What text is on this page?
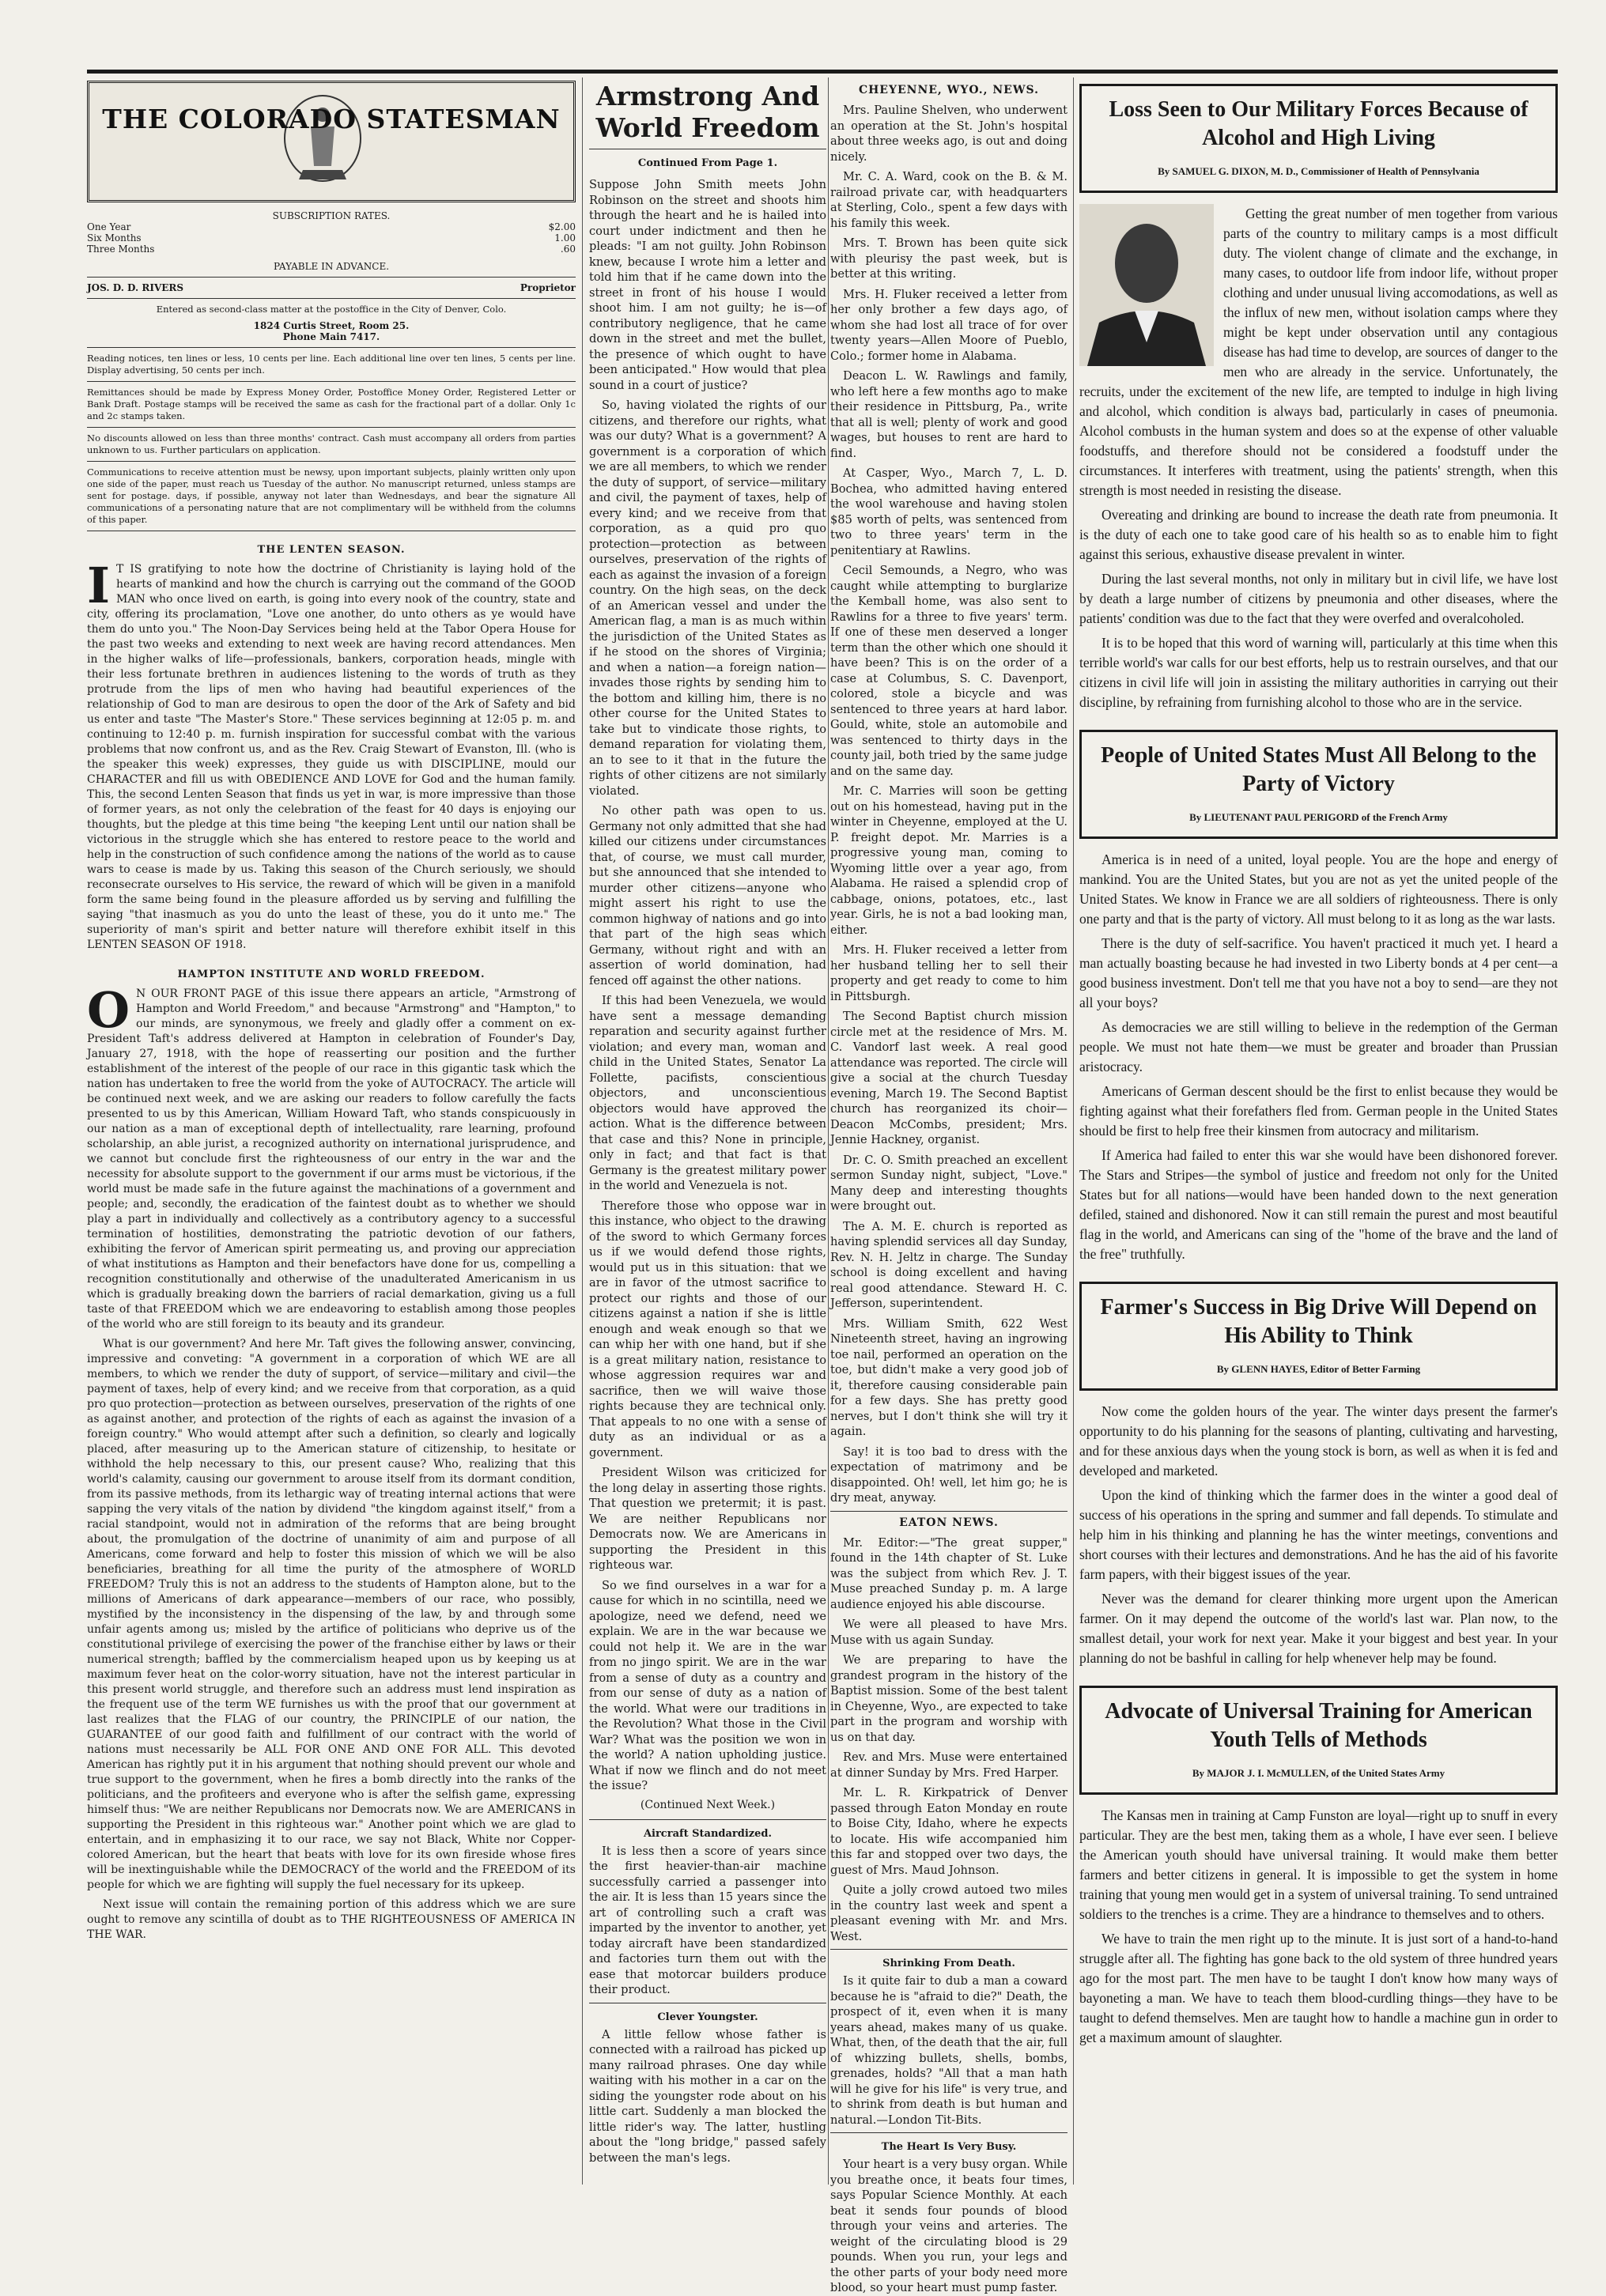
THE COLORADO STATESMAN
SUBSCRIPTION RATES.
One Year	$2.00
Six Months	1.00
Three Months	.60
PAYABLE IN ADVANCE.
JOS. D. D. RIVERS	Proprietor

Entered as second-class matter at the postoffice in the City of Denver, Colo.

1824 Curtis Street, Room 25.
Phone Main 7417.

Reading notices, ten lines or less, 10 cents per line. Each additional line over ten lines, 5 cents per line. Display advertising, 50 cents per inch.

Remittances should be made by Express Money Order, Postoffice Money Order, Registered Letter or Bank Draft. Postage stamps will be received the same as cash for the fractional part of a dollar. Only 1c and 2c stamps taken.

No discounts allowed on less than three months' contract. Cash must accompany all orders from parties unknown to us. Further particulars on application.

Communications to receive attention must be newsy, upon important subjects, plainly written only upon one side of the paper, must reach us Tuesday of the author. No manuscript returned, unless stamps are sent for postage. days, if possible, anyway not later than Wednesdays, and bear the signature All communications of a personating nature that are not complimentary will be withheld from the columns of this paper.

THE LENTEN SEASON.

I T IS gratifying to note how the doctrine of Christianity is laying hold of the hearts of mankind and how the church is carrying out the command of the GOOD MAN who once lived on earth, is going into every nook of the country, state and city, offering its proclamation, "Love one another, do unto others as ye would have them do unto you." The Noon-Day Services being held at the Tabor Opera House for the past two weeks and extending to next week are having record attendances. Men in the higher walks of life—professionals, bankers, corporation heads, mingle with their less fortunate brethren in audiences listening to the words of truth as they protrude from the lips of men who having had beautiful experiences of the relationship of God to man are desirous to open the door of the Ark of Safety and bid us enter and taste "The Master's Store." These services beginning at 12:05 p. m. and continuing to 12:40 p. m. furnish inspiration for successful combat with the various problems that now confront us, and as the Rev. Craig Stewart of Evanston, Ill. (who is the speaker this week) expresses, they guide us with DISCIPLINE, mould our CHARACTER and fill us with OBEDIENCE AND LOVE for God and the human family. This, the second Lenten Season that finds us yet in war, is more impressive than those of former years, as not only the celebration of the feast for 40 days is enjoying our thoughts, but the pledge at this time being "the keeping Lent until our nation shall be victorious in the struggle which she has entered to restore peace to the world and help in the construction of such confidence among the nations of the world as to cause wars to cease is made by us. Taking this season of the Church seriously, we should reconsecrate ourselves to His service, the reward of which will be given in a manifold form the same being found in the pleasure afforded us by serving and fulfilling the saying "that inasmuch as you do unto the least of these, you do it unto me." The superiority of man's spirit and better nature will therefore exhibit itself in this LENTEN SEASON OF 1918.

HAMPTON INSTITUTE AND WORLD FREEDOM.

O N OUR FRONT PAGE of this issue there appears an article, "Armstrong of Hampton and World Freedom," and because "Armstrong" and "Hampton," to our minds, are synonymous, we freely and gladly offer a comment on ex-President Taft's address delivered at Hampton in celebration of Founder's Day, January 27, 1918, with the hope of reasserting our position and the further establishment of the interest of the people of our race in this gigantic task which the nation has undertaken to free the world from the yoke of AUTOCRACY. The article will be continued next week, and we are asking our readers to follow carefully the facts presented to us by this American, William Howard Taft, who stands conspicuously in our nation as a man of exceptional depth of intellectuality, rare learning, profound scholarship, an able jurist, a recognized authority on international jurisprudence, and we cannot but conclude first the righteousness of our entry in the war and the necessity for absolute support to the government if our arms must be victorious, if the world must be made safe in the future against the machinations of a government and people; and, secondly, the eradication of the faintest doubt as to whether we should play a part in individually and collectively as a contributory agency to a successful termination of hostilities, demonstrating the patriotic devotion of our fathers, exhibiting the fervor of American spirit permeating us, and proving our appreciation of what institutions as Hampton and their benefactors have done for us, compelling a recognition constitutionally and otherwise of the unadulterated Americanism in us which is gradually breaking down the barriers of racial demarkation, giving us a full taste of that FREEDOM which we are endeavoring to establish among those peoples of the world who are still foreign to its beauty and its grandeur.

What is our government? And here Mr. Taft gives the following answer, convincing, impressive and conveting: "A government in a corporation of which WE are all members, to which we render the duty of support, of service—military and civil—the payment of taxes, help of every kind; and we receive from that corporation, as a quid pro quo protection—protection as between ourselves, preservation of the rights of one as against another, and protection of the rights of each as against the invasion of a foreign country." Who would attempt after such a definition, so clearly and logically placed, after measuring up to the American stature of citizenship, to hesitate or withhold the help necessary to this, our present cause? Who, realizing that this world's calamity, causing our government to arouse itself from its dormant condition, from its passive methods, from its lethargic way of treating internal actions that were sapping the very vitals of the nation by dividend "the kingdom against itself," from a racial standpoint, would not in admiration of the reforms that are being brought about, the promulgation of the doctrine of unanimity of aim and purpose of all Americans, come forward and help to foster this mission of which we will be also beneficiaries, breathing for all time the purity of the atmosphere of WORLD FREEDOM? Truly this is not an address to the students of Hampton alone, but to the millions of Americans of dark appearance—members of our race, who possibly, mystified by the inconsistency in the dispensing of the law, by and through some unfair agents among us; misled by the artifice of politicians who deprive us of the constitutional privilege of exercising the power of the franchise either by laws or their numerical strength; baffled by the commercialism heaped upon us by keeping us at maximum fever heat on the color-worry situation, have not the interest particular in this present world struggle, and therefore such an address must lend inspiration as the frequent use of the term WE furnishes us with the proof that our government at last realizes that the FLAG of our country, the PRINCIPLE of our nation, the GUARANTEE of our good faith and fulfillment of our contract with the world of nations must necessarily be ALL FOR ONE AND ONE FOR ALL. This devoted American has rightly put it in his argument that nothing should prevent our whole and true support to the government, when he fires a bomb directly into the ranks of the politicians, and the profiteers and everyone who is after the selfish game, expressing himself thus: "We are neither Republicans nor Democrats now. We are AMERICANS in supporting the President in this righteous war." Another point which we are glad to entertain, and in emphasizing it to our race, we say not Black, White nor Copper-colored American, but the heart that beats with love for its own fireside whose fires will be inextinguishable while the DEMOCRACY of the world and the FREEDOM of its people for which we are fighting will supply the fuel necessary for its upkeep.

Next issue will contain the remaining portion of this address which we are sure ought to remove any scintilla of doubt as to THE RIGHTEOUSNESS OF AMERICA IN THE WAR.

Armstrong And World Freedom
Continued From Page 1.

Suppose John Smith meets John Robinson on the street and shoots him through the heart and he is hailed into court under indictment and then he pleads: "I am not guilty. John Robinson knew, because I wrote him a letter and told him that if he came down into the street in front of his house I would shoot him. I am not guilty; he is—of contributory negligence, that he came down in the street and met the bullet, the presence of which ought to have been anticipated." How would that plea sound in a court of justice?

So, having violated the rights of our citizens, and therefore our rights, what was our duty? What is a government? A government is a corporation of which we are all members, to which we render the duty of support, of service—military and civil, the payment of taxes, help of every kind; and we receive from that corporation, as a quid pro quo protection—protection as between ourselves, preservation of the rights of each as against the invasion of a foreign country. On the high seas, on the deck of an American vessel and under the American flag, a man is as much within the jurisdiction of the United States as if he stood on the shores of Virginia; and when a nation—a foreign nation—invades those rights by sending him to the bottom and killing him, there is no other course for the United States to take but to vindicate those rights, to demand reparation for violating them, an to see to it that in the future the rights of other citizens are not similarly violated.

No other path was open to us. Germany not only admitted that she had killed our citizens under circumstances that, of course, we must call murder, but she announced that she intended to murder other citizens—anyone who might assert his right to use the common highway of nations and go into that part of the high seas which Germany, without right and with an assertion of world domination, had fenced off against the other nations.

If this had been Venezuela, we would have sent a message demanding reparation and security against further violation; and every man, woman and child in the United States, Senator La Follette, pacifists, conscientious objectors, and unconscientious objectors would have approved the action. What is the difference between that case and this? None in principle, only in fact; and that fact is that Germany is the greatest military power in the world and Venezuela is not.

Therefore those who oppose war in this instance, who object to the drawing of the sword to which Germany forces us if we would defend those rights, would put us in this situation: that we are in favor of the utmost sacrifice to protect our rights and those of our citizens against a nation if she is little enough and weak enough so that we can whip her with one hand, but if she is a great military nation, resistance to whose aggression requires war and sacrifice, then we will waive those rights because they are technical only. That appeals to no one with a sense of duty as an individual or as a government.

President Wilson was criticized for the long delay in asserting those rights. That question we pretermit; it is past. We are neither Republicans nor Democrats now. We are Americans in supporting the President in this righteous war.

So we find ourselves in a war for a cause for which in no scintilla, need we apologize, need we defend, need we explain. We are in the war because we could not help it. We are in the war from no jingo spirit. We are in the war from a sense of duty as a country and from our sense of duty as a nation of the world. What were our traditions in the Revolution? What those in the Civil War? What was the position we won in the world? A nation upholding justice. What if now we flinch and do not meet the issue?

(Continued Next Week.)
Aircraft Standardized.

It is less then a score of years since the first heavier-than-air machine successfully carried a passenger into the air. It is less than 15 years since the art of controlling such a craft was imparted by the inventor to another, yet today aircraft have been standardized and factories turn them out with the ease that motorcar builders produce their product.

Clever Youngster.

A little fellow whose father is connected with a railroad has picked up many railroad phrases. One day while waiting with his mother in a car on the siding the youngster rode about on his little cart. Suddenly a man blocked the little rider's way. The latter, hustling about the "long bridge," passed safely between the man's legs.

CHEYENNE, WYO., NEWS.

Mrs. Pauline Shelven, who underwent an operation at the St. John's hospital about three weeks ago, is out and doing nicely.

Mr. C. A. Ward, cook on the B. & M. railroad private car, with headquarters at Sterling, Colo., spent a few days with his family this week.

Mrs. T. Brown has been quite sick with pleurisy the past week, but is better at this writing.

Mrs. H. Fluker received a letter from her only brother a few days ago, of whom she had lost all trace of for over twenty years—Allen Moore of Pueblo, Colo.; former home in Alabama.

Deacon L. W. Rawlings and family, who left here a few months ago to make their residence in Pittsburg, Pa., write that all is well; plenty of work and good wages, but houses to rent are hard to find.

At Casper, Wyo., March 7, L. D. Bochea, who admitted having entered the wool warehouse and having stolen $85 worth of pelts, was sentenced from two to three years' term in the penitentiary at Rawlins.

Cecil Semounds, a Negro, who was caught while attempting to burglarize the Kemball home, was also sent to Rawlins for a three to five years' term. If one of these men deserved a longer term than the other which one should it have been? This is on the order of a case at Columbus, S. C. Davenport, colored, stole a bicycle and was sentenced to three years at hard labor. Gould, white, stole an automobile and was sentenced to thirty days in the county jail, both tried by the same judge and on the same day.

Mr. C. Marries will soon be getting out on his homestead, having put in the winter in Cheyenne, employed at the U. P. freight depot. Mr. Marries is a progressive young man, coming to Wyoming little over a year ago, from Alabama. He raised a splendid crop of cabbage, onions, potatoes, etc., last year. Girls, he is not a bad looking man, either.

Mrs. H. Fluker received a letter from her husband telling her to sell their property and get ready to come to him in Pittsburgh.

The Second Baptist church mission circle met at the residence of Mrs. M. C. Vandorf last week. A real good attendance was reported. The circle will give a social at the church Tuesday evening, March 19. The Second Baptist church has reorganized its choir—Deacon McCombs, president; Mrs. Jennie Hackney, organist.

Dr. C. O. Smith preached an excellent sermon Sunday night, subject, "Love." Many deep and interesting thoughts were brought out.

The A. M. E. church is reported as having splendid services all day Sunday, Rev. N. H. Jeltz in charge. The Sunday school is doing excellent and having real good attendance. Steward H. C. Jefferson, superintendent.

Mrs. William Smith, 622 West Nineteenth street, having an ingrowing toe nail, performed an operation on the toe, but didn't make a very good job of it, therefore causing considerable pain for a few days. She has pretty good nerves, but I don't think she will try it again.

Say! it is too bad to dress with the expectation of matrimony and be disappointed. Oh! well, let him go; he is dry meat, anyway.

EATON NEWS.

Mr. Editor:—"The great supper," found in the 14th chapter of St. Luke was the subject from which Rev. J. T. Muse preached Sunday p. m. A large audience enjoyed his able discourse.

We were all pleased to have Mrs. Muse with us again Sunday.

We are preparing to have the grandest program in the history of the Baptist mission. Some of the best talent in Cheyenne, Wyo., are expected to take part in the program and worship with us on that day.

Rev. and Mrs. Muse were entertained at dinner Sunday by Mrs. Fred Harper.

Mr. L. R. Kirkpatrick of Denver passed through Eaton Monday en route to Boise City, Idaho, where he expects to locate. His wife accompanied him this far and stopped over two days, the guest of Mrs. Maud Johnson.

Quite a jolly crowd autoed two miles in the country last week and spent a pleasant evening with Mr. and Mrs. West.

Shrinking From Death.

Is it quite fair to dub a man a coward because he is "afraid to die?" Death, the prospect of it, even when it is many years ahead, makes many of us quake. What, then, of the death that the air, full of whizzing bullets, shells, bombs, grenades, holds? "All that a man hath will he give for his life" is very true, and to shrink from death is but human and natural.—London Tit-Bits.

The Heart Is Very Busy.

Your heart is a very busy organ. While you breathe once, it beats four times, says Popular Science Monthly. At each beat it sends four pounds of blood through your veins and arteries. The weight of the circulating blood is 29 pounds. When you run, your legs and the other parts of your body need more blood, so your heart must pump faster.

Loss Seen to Our Military Forces Because of Alcohol and High Living
By SAMUEL G. DIXON, M. D., Commissioner of Health of Pennsylvania

Getting the great number of men together from various parts of the country to military camps is a most difficult duty. The violent change of climate and the exchange, in many cases, to outdoor life from indoor life, without proper clothing and under unusual living accomodations, as well as the influx of new men, without isolation camps where they might be kept under observation until any contagious disease has had time to develop, are sources of danger to the men who are already in the service. Unfortunately, the recruits, under the excitement of the new life, are tempted to indulge in high living and alcohol, which condition is always bad, particularly in cases of pneumonia. Alcohol combusts in the human system and does so at the expense of other valuable foodstuffs, and therefore should not be considered a foodstuff under the circumstances. It interferes with treatment, using the patients' strength, when this strength is most needed in resisting the disease.

Overeating and drinking are bound to increase the death rate from pneumonia. It is the duty of each one to take good care of his health so as to enable him to fight against this serious, exhaustive disease prevalent in winter.

During the last several months, not only in military but in civil life, we have lost by death a large number of citizens by pneumonia and other diseases, where the patients' condition was due to the fact that they were overfed and overalcoholed.

It is to be hoped that this word of warning will, particularly at this time when this terrible world's war calls for our best efforts, help us to restrain ourselves, and that our citizens in civil life will join in assisting the military authorities in carrying out their discipline, by refraining from furnishing alcohol to those who are in the service.

People of United States Must All Belong to the Party of Victory
By LIEUTENANT PAUL PERIGORD of the French Army

America is in need of a united, loyal people. You are the hope and energy of mankind. You are the United States, but you are not as yet the united people of the United States. We know in France we are all soldiers of righteousness. There is only one party and that is the party of victory. All must belong to it as long as the war lasts.

There is the duty of self-sacrifice. You haven't practiced it much yet. I heard a man actually boasting because he had invested in two Liberty bonds at 4 per cent—a good business investment. Don't tell me that you have not a boy to send—are they not all your boys?

As democracies we are still willing to believe in the redemption of the German people. We must not hate them—we must be greater and broader than Prussian aristocracy.

Americans of German descent should be the first to enlist because they would be fighting against what their forefathers fled from. German people in the United States should be first to help free their kinsmen from autocracy and militarism.

If America had failed to enter this war she would have been dishonored forever. The Stars and Stripes—the symbol of justice and freedom not only for the United States but for all nations—would have been handed down to the next generation defiled, stained and dishonored. Now it can still remain the purest and most beautiful flag in the world, and Americans can sing of the "home of the brave and the land of the free" truthfully.

Farmer's Success in Big Drive Will Depend on His Ability to Think
By GLENN HAYES, Editor of Better Farming

Now come the golden hours of the year. The winter days present the farmer's opportunity to do his planning for the seasons of planting, cultivating and harvesting, and for these anxious days when the young stock is born, as well as when it is fed and developed and marketed.

Upon the kind of thinking which the farmer does in the winter a good deal of success of his operations in the spring and summer and fall depends. To stimulate and help him in his thinking and planning he has the winter meetings, conventions and short courses with their lectures and demonstrations. And he has the aid of his favorite farm papers, with their biggest issues of the year.

Never was the demand for clearer thinking more urgent upon the American farmer. On it may depend the outcome of the world's last war. Plan now, to the smallest detail, your work for next year. Make it your biggest and best year. In your planning do not be bashful in calling for help whenever help may be found.

Advocate of Universal Training for American Youth Tells of Methods
By MAJOR J. I. McMULLEN, of the United States Army

The Kansas men in training at Camp Funston are loyal—right up to snuff in every particular. They are the best men, taking them as a whole, I have ever seen. I believe the American youth should have universal training. It would make them better farmers and better citizens in general. It is impossible to get the system in home training that young men would get in a system of universal training. To send untrained soldiers to the trenches is a crime. They are a hindrance to themselves and to others.

We have to train the men right up to the minute. It is just sort of a hand-to-hand struggle after all. The fighting has gone back to the old system of three hundred years ago for the most part. The men have to be taught I don't know how many ways of bayoneting a man. We have to teach them blood-curdling things—they have to be taught to defend themselves. Men are taught how to handle a machine gun in order to get a maximum amount of slaughter.
